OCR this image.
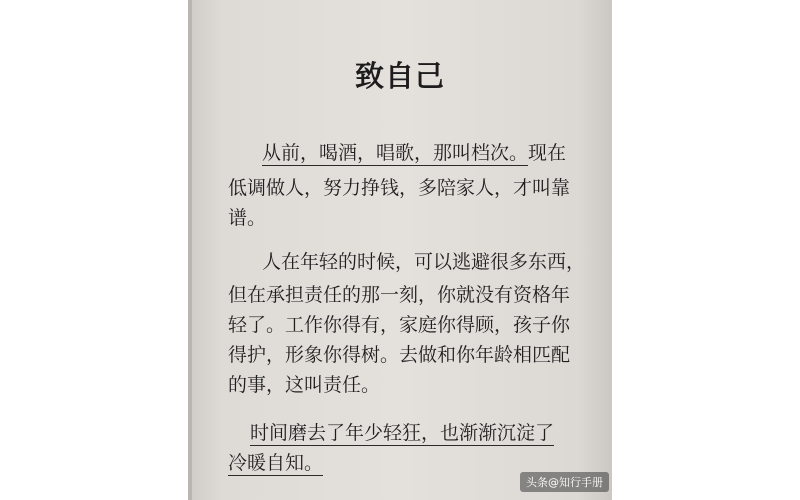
致自己
从前，喝酒，唱歌，那叫档次。现在
低调做人，努力挣钱，多陪家人，才叫靠
谱。
人在年轻的时候，可以逃避很多东西，
但在承担责任的那一刻，你就没有资格年
轻了。工作你得有，家庭你得顾，孩子你
得护，形象你得树。去做和你年龄相匹配
的事，这叫责任。
时间磨去了年少轻狂，也渐渐沉淀了
冷暖自知。
头条@知行手册
